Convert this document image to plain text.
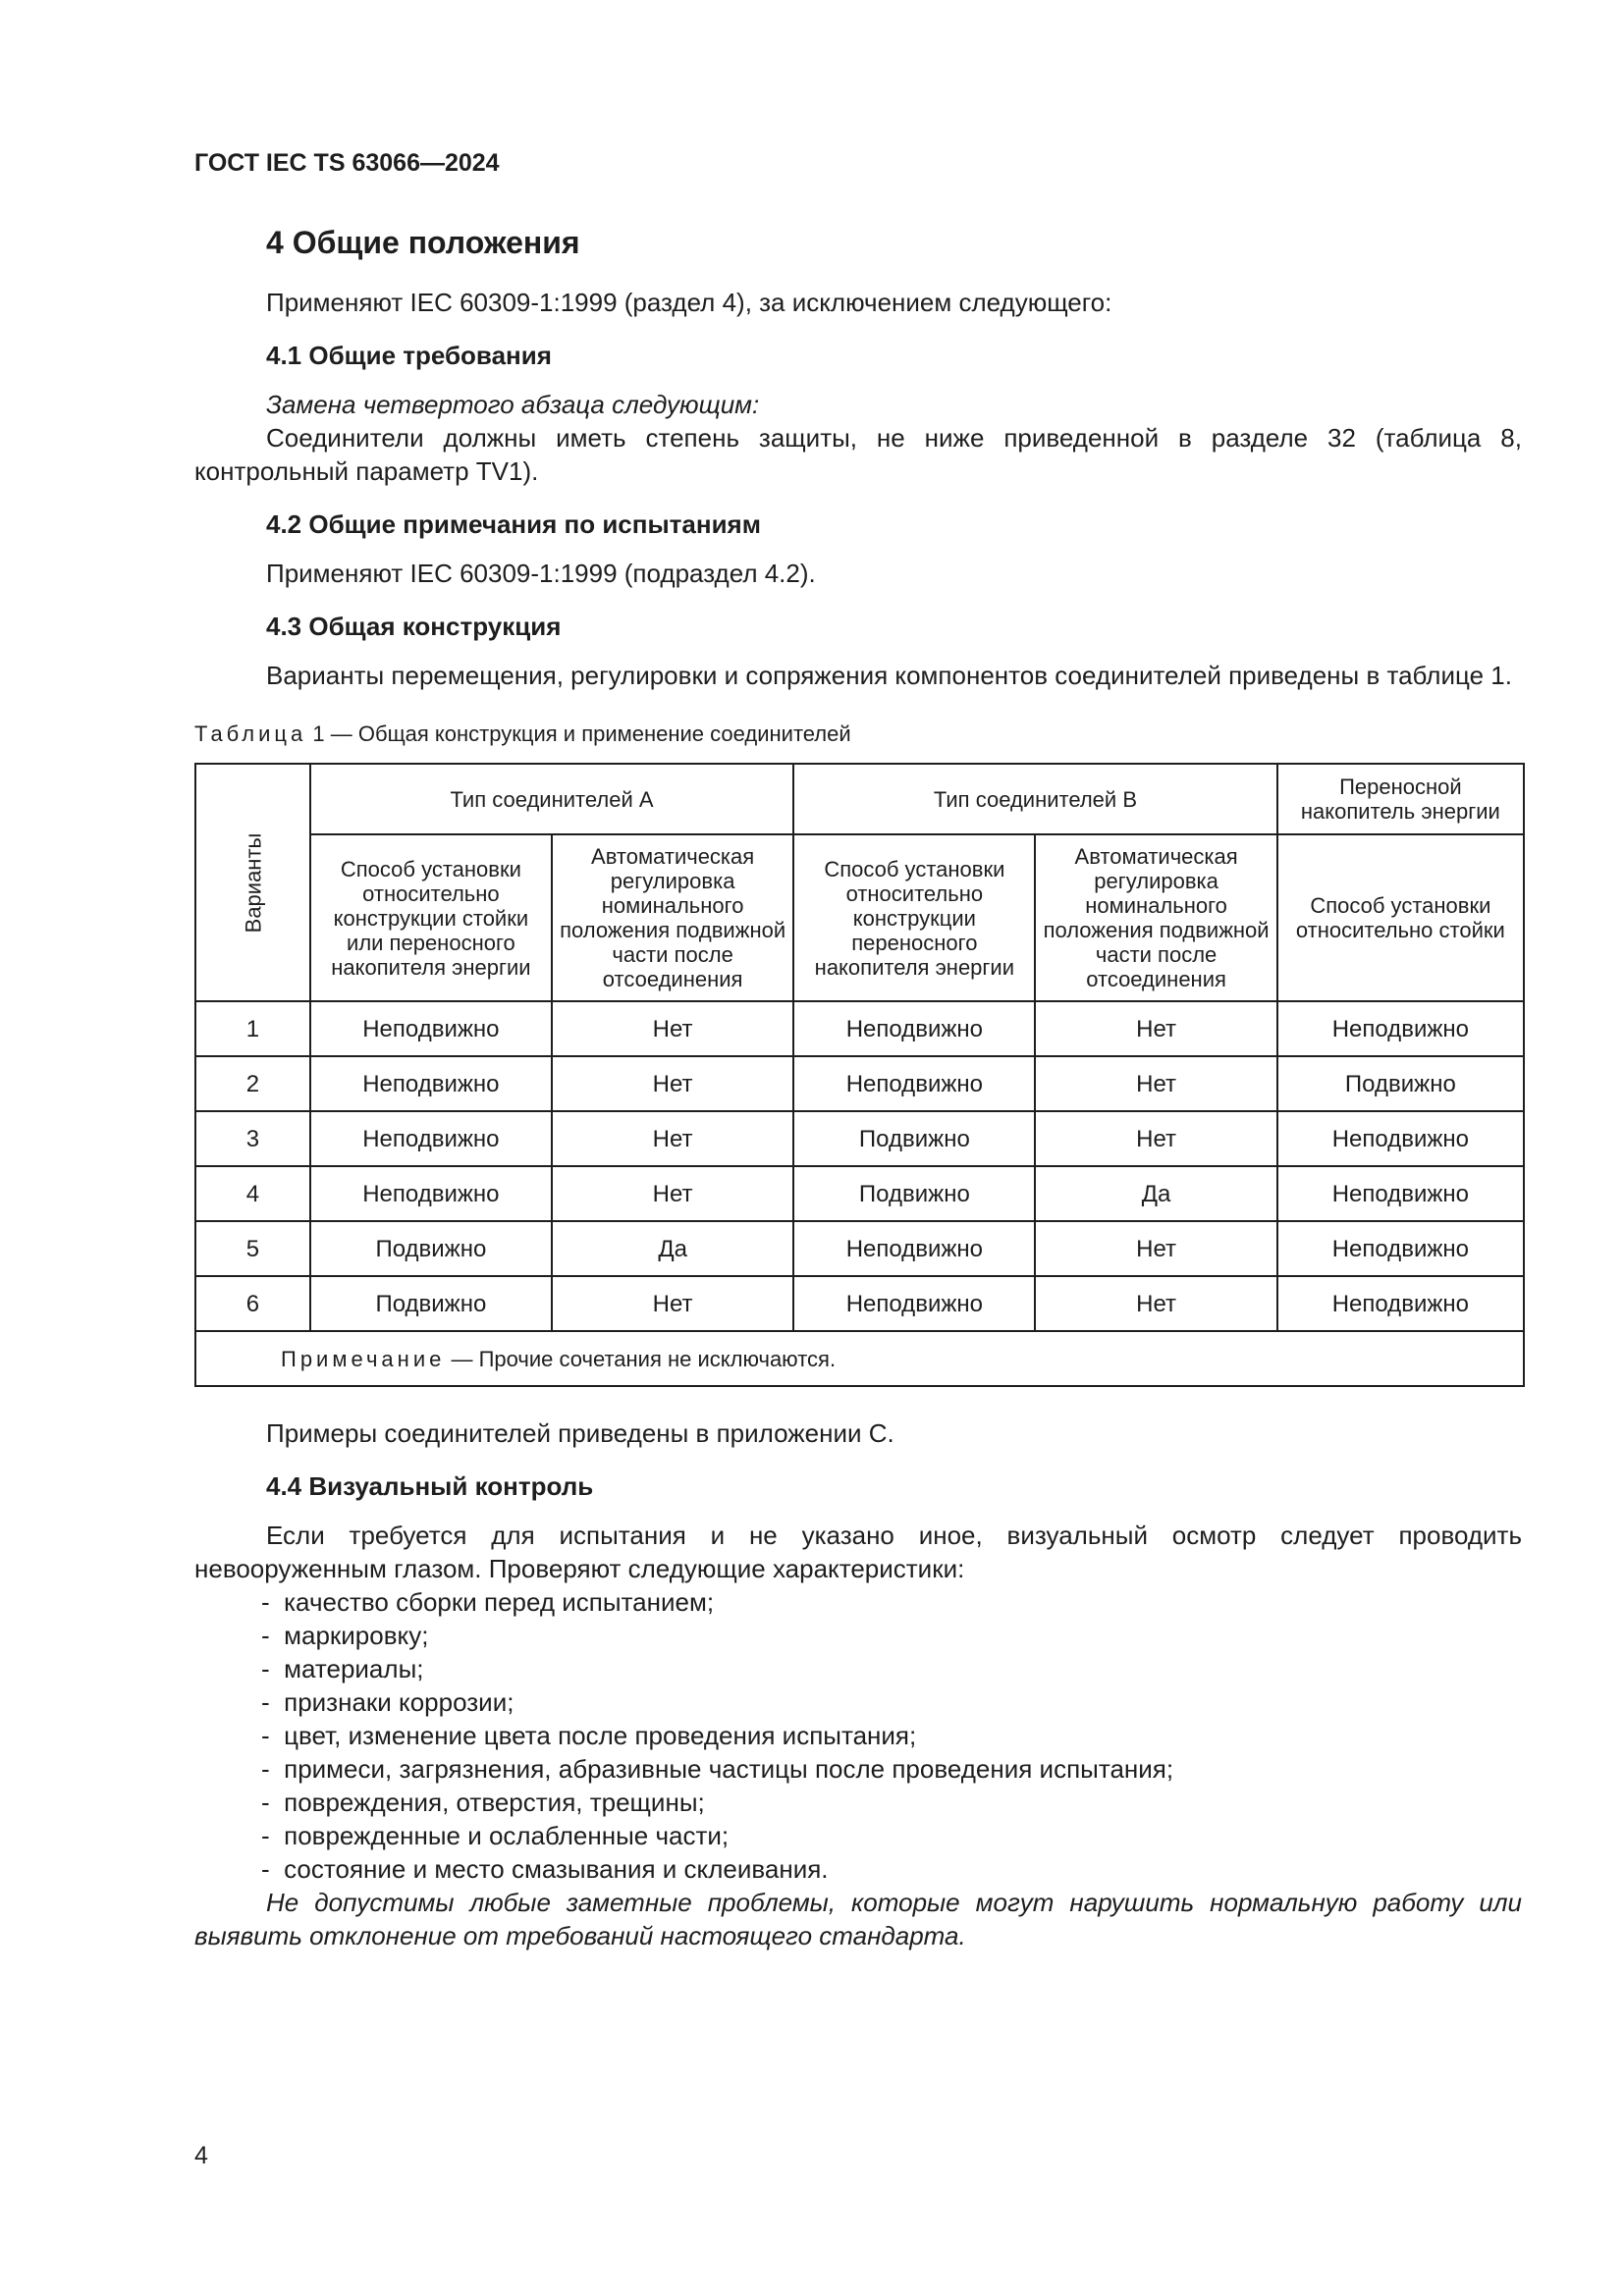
ГОСТ IEC TS 63066—2024
4 Общие положения

Применяют IEC 60309-1:1999 (раздел 4), за исключением следующего:

4.1 Общие требования

Замена четвертого абзаца следующим:

Соединители должны иметь степень защиты, не ниже приведенной в разделе 32 (таблица 8, контрольный параметр TV1).

4.2 Общие примечания по испытаниям

Применяют IEC 60309-1:1999 (подраздел 4.2).

4.3 Общая конструкция

Варианты перемещения, регулировки и сопряжения компонентов соединителей приведены в таблице 1.

Таблица 1 — Общая конструкция и применение соединителей
Варианты	Тип соединителей А		Тип соединителей В		Переносной накопитель энергии
	Способ установки относительно конструкции стойки или переносного накопителя энергии	Автоматическая регулировка номинального положения подвижной части после отсоединения	Способ установки относительно конструкции переносного накопителя энергии	Автоматическая регулировка номинального положения подвижной части после отсоединения	Способ установки относительно стойки
1	Неподвижно	Нет	Неподвижно	Нет	Неподвижно
2	Неподвижно	Нет	Неподвижно	Нет	Подвижно
3	Неподвижно	Нет	Подвижно	Нет	Неподвижно
4	Неподвижно	Нет	Подвижно	Да	Неподвижно
5	Подвижно	Да	Неподвижно	Нет	Неподвижно
6	Подвижно	Нет	Неподвижно	Нет	Неподвижно
Примечание — Прочие сочетания не исключаются.					

Примеры соединителей приведены в приложении С.

4.4 Визуальный контроль

Если требуется для испытания и не указано иное, визуальный осмотр следует проводить невооруженным глазом. Проверяют следующие характеристики:

-  качество сборки перед испытанием;
-  маркировку;
-  материалы;
-  признаки коррозии;
-  цвет, изменение цвета после проведения испытания;
-  примеси, загрязнения, абразивные частицы после проведения испытания;
-  повреждения, отверстия, трещины;
-  поврежденные и ослабленные части;
-  состояние и место смазывания и склеивания.

Не допустимы любые заметные проблемы, которые могут нарушить нормальную работу или выявить отклонение от требований настоящего стандарта.

4
